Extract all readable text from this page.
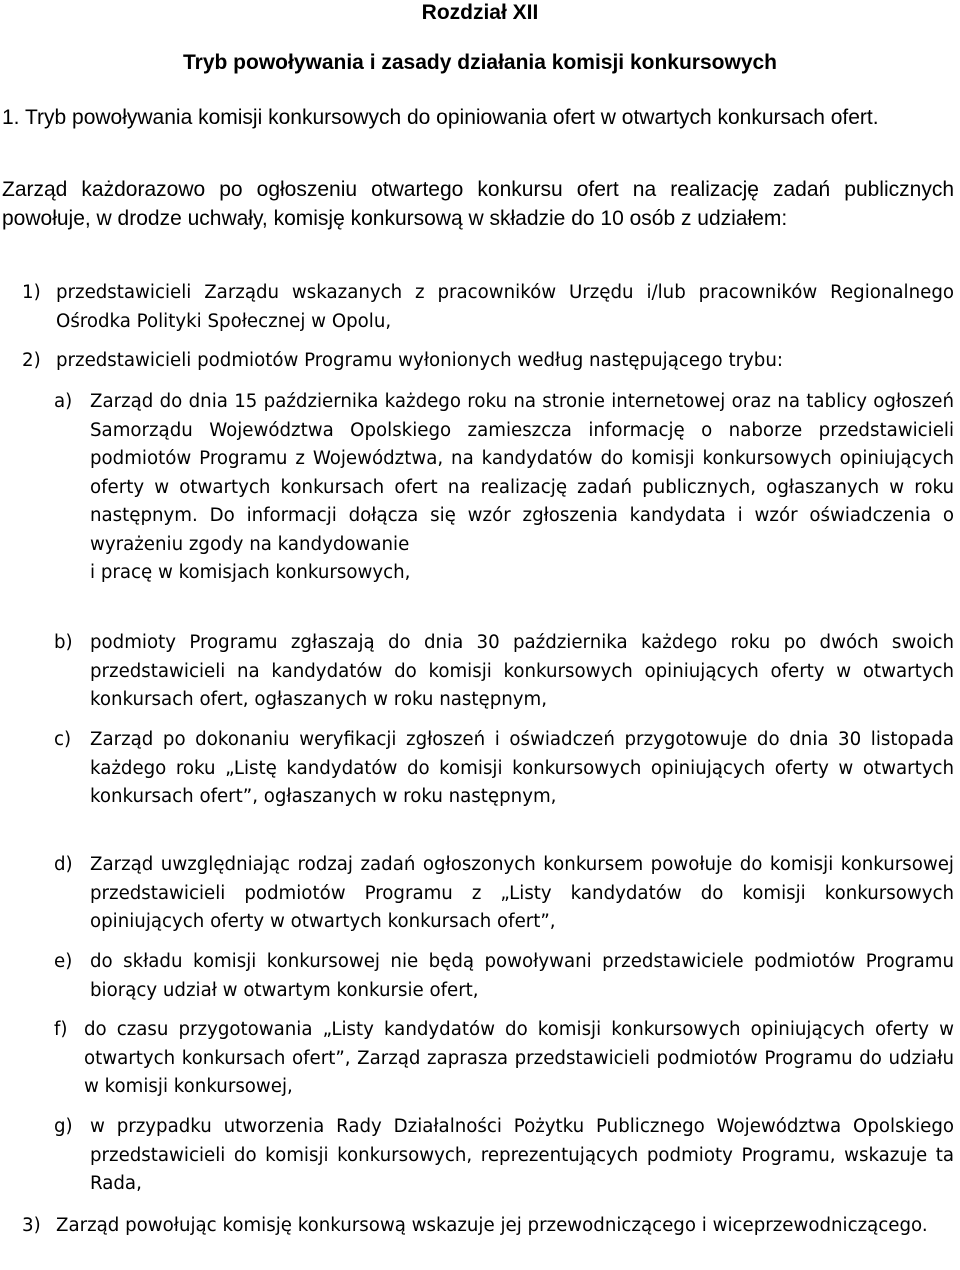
Rozdział XII
Tryb powoływania i zasady działania komisji konkursowych
1. Tryb powoływania komisji konkursowych do opiniowania ofert w otwartych konkursach ofert.
Zarząd każdorazowo po ogłoszeniu otwartego konkursu ofert na realizację zadań publicznych powołuje, w drodze uchwały, komisję konkursową w składzie do 10 osób z udziałem:
1) przedstawicieli Zarządu wskazanych z pracowników Urzędu i/lub pracowników Regionalnego Ośrodka Polityki Społecznej w Opolu,
2) przedstawicieli podmiotów Programu wyłonionych według następującego trybu:
a) Zarząd do dnia 15 października każdego roku na stronie internetowej oraz na tablicy ogłoszeń Samorządu Województwa Opolskiego zamieszcza informację o naborze przedstawicieli podmiotów Programu z Województwa, na kandydatów do komisji konkursowych opiniujących oferty w otwartych konkursach ofert na realizację zadań publicznych, ogłaszanych w roku następnym. Do informacji dołącza się wzór zgłoszenia kandydata i wzór oświadczenia o wyrażeniu zgody na kandydowanie
i pracę w komisjach konkursowych,
b) podmioty Programu zgłaszają do dnia 30 października każdego roku po dwóch swoich przedstawicieli na kandydatów do komisji konkursowych opiniujących oferty w otwartych konkursach ofert, ogłaszanych w roku następnym,
c)	Zarząd po dokonaniu weryfikacji zgłoszeń i oświadczeń przygotowuje do dnia 30 listopada każdego roku „Listę kandydatów do komisji konkursowych opiniujących oferty w otwartych konkursach ofert”, ogłaszanych w roku następnym,
d) Zarząd uwzględniając rodzaj zadań ogłoszonych konkursem powołuje do komisji konkursowej przedstawicieli podmiotów Programu z „Listy kandydatów do komisji konkursowych opiniujących oferty w otwartych konkursach ofert”,
e) do składu komisji konkursowej nie będą powoływani przedstawiciele podmiotów Programu biorący udział w otwartym konkursie ofert,
f) do czasu przygotowania „Listy kandydatów do komisji konkursowych opiniujących oferty w otwartych konkursach ofert”, Zarząd zaprasza przedstawicieli podmiotów Programu do udziału w komisji konkursowej,
g) w przypadku utworzenia Rady Działalności Pożytku Publicznego Województwa Opolskiego przedstawicieli do komisji konkursowych, reprezentujących podmioty Programu, wskazuje ta Rada,
3) Zarząd powołując komisję konkursową wskazuje jej przewodniczącego i wiceprzewodniczącego.
